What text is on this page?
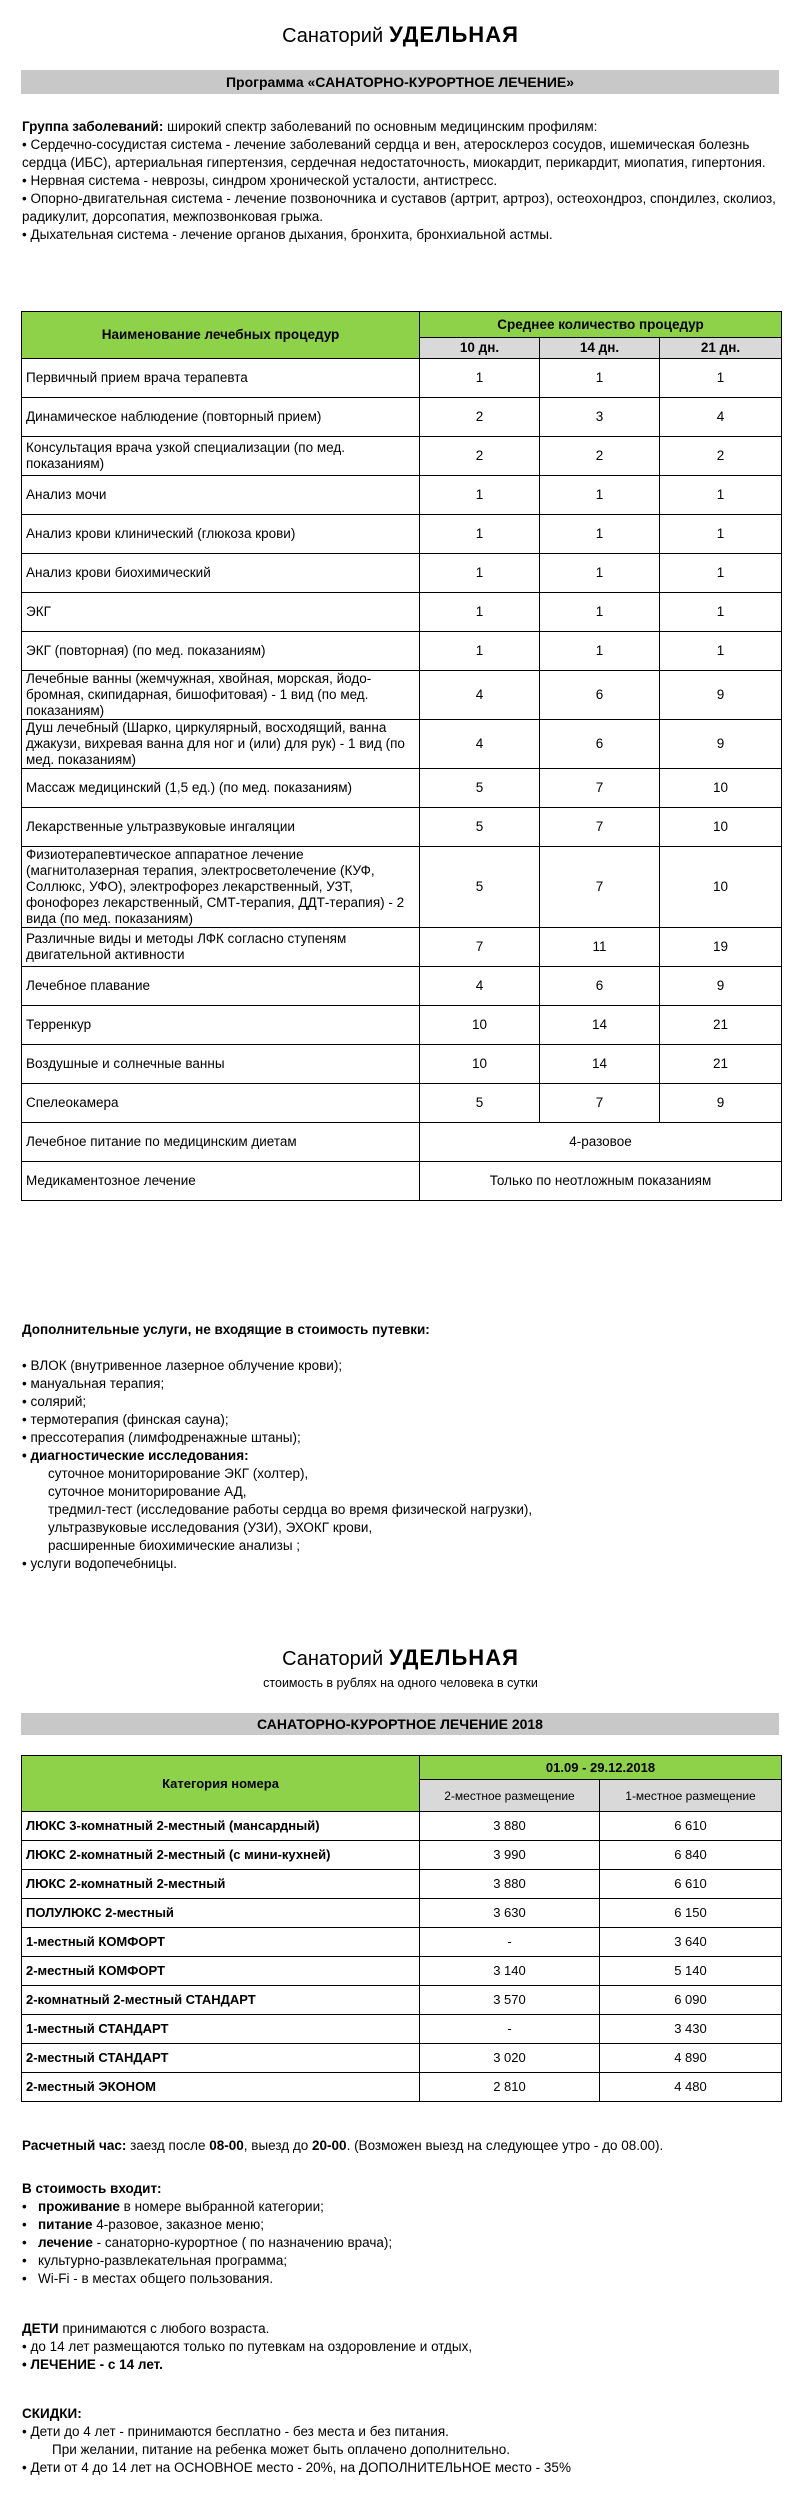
Санаторий УДЕЛЬНАЯ
Программа «САНАТОРНО-КУРОРТНОЕ ЛЕЧЕНИЕ»

Группа заболеваний: широкий спектр заболеваний по основным медицинским профилям:

• Сердечно-сосудистая система - лечение заболеваний сердца и вен, атеросклероз сосудов, ишемическая болезнь сердца (ИБС), артериальная гипертензия, сердечная недостаточность, миокардит, перикардит, миопатия, гипертония.

• Нервная система - неврозы, синдром хронической усталости, антистресс.

• Опорно-двигательная система - лечение позвоночника и суставов (артрит, артроз), остеохондроз, спондилез, сколиоз, радикулит, дорсопатия, межпозвонковая грыжа.

• Дыхательная система - лечение органов дыхания, бронхита, бронхиальной астмы.

Наименование лечебных процедур	Среднее количество процедур		
	10 дн.	14 дн.	21 дн.
Первичный прием врача терапевта	1	1	1
Динамическое наблюдение (повторный прием)	2	3	4
Консультация врача узкой специализации (по мед. показаниям)	2	2	2
Анализ мочи	1	1	1
Анализ крови клинический (глюкоза крови)	1	1	1
Анализ крови биохимический	1	1	1
ЭКГ	1	1	1
ЭКГ (повторная) (по мед. показаниям)	1	1	1
Лечебные ванны (жемчужная, хвойная, морская, йодо-бромная, скипидарная, бишофитовая) - 1 вид (по мед. показаниям)	4	6	9
Душ лечебный (Шарко, циркулярный, восходящий, ванна джакузи, вихревая ванна для ног и (или) для рук) - 1 вид (по мед. показаниям)	4	6	9
Массаж медицинский (1,5 ед.) (по мед. показаниям)	5	7	10
Лекарственные ультразвуковые ингаляции	5	7	10
Физиотерапевтическое аппаратное лечение (магнитолазерная терапия, электросветолечение (КУФ, Соллюкс, УФО), электрофорез лекарственный, УЗТ, фонофорез лекарственный, СМТ-терапия, ДДТ-терапия) - 2 вида (по мед. показаниям)	5	7	10
Различные виды и методы ЛФК согласно ступеням двигательной активности	7	11	19
Лечебное плавание	4	6	9
Терренкур	10	14	21
Воздушные и солнечные ванны	10	14	21
Спелеокамера	5	7	9
Лечебное питание по медицинским диетам	4-разовое		
Медикаментозное лечение	Только по неотложным показаниям		

Дополнительные услуги, не входящие в стоимость путевки:

• ВЛОК (внутривенное лазерное облучение крови);

• мануальная терапия;

• солярий;

• термотерапия (финская сауна);

• прессотерапия (лимфодренажные штаны);

• диагностические исследования:

суточное мониторирование ЭКГ (холтер),

суточное мониторирование АД,

тредмил-тест (исследование работы сердца во время физической нагрузки),

ультразвуковые исследования (УЗИ), ЭХОКГ крови,

расширенные биохимические анализы ;

• услуги водопечебницы.

Санаторий УДЕЛЬНАЯ
стоимость в рублях на одного человека в сутки
САНАТОРНО-КУРОРТНОЕ ЛЕЧЕНИЕ 2018
Категория номера	01.09 - 29.12.2018	
	2-местное размещение	1-местное размещение
ЛЮКС 3-комнатный 2-местный (мансардный)	3 880	6 610
ЛЮКС 2-комнатный 2-местный (с мини-кухней)	3 990	6 840
ЛЮКС 2-комнатный 2-местный	3 880	6 610
ПОЛУЛЮКС 2-местный	3 630	6 150
1-местный КОМФОРТ	-	3 640
2-местный КОМФОРТ	3 140	5 140
2-комнатный 2-местный СТАНДАРТ	3 570	6 090
1-местный СТАНДАРТ	-	3 430
2-местный СТАНДАРТ	3 020	4 890
2-местный ЭКОНОМ	2 810	4 480

Расчетный час: заезд после 08-00, выезд до 20-00. (Возможен выезд на следующее утро - до 08.00).

В стоимость входит:

•   проживание в номере выбранной категории;

•   питание 4-разовое, заказное меню;

•   лечение - санаторно-курортное ( по назначению врача);

•   культурно-развлекательная программа;

•   Wi-Fi - в местах общего пользования.

ДЕТИ принимаются с любого возраста.

• до 14 лет размещаются только по путевкам на оздоровление и отдых,

• ЛЕЧЕНИЕ - с 14 лет.

СКИДКИ:

• Дети до 4 лет - принимаются бесплатно - без места и без питания.

При желании, питание на ребенка может быть оплачено дополнительно.

• Дети от 4 до 14 лет на ОСНОВНОЕ место - 20%, на ДОПОЛНИТЕЛЬНОЕ место - 35%
